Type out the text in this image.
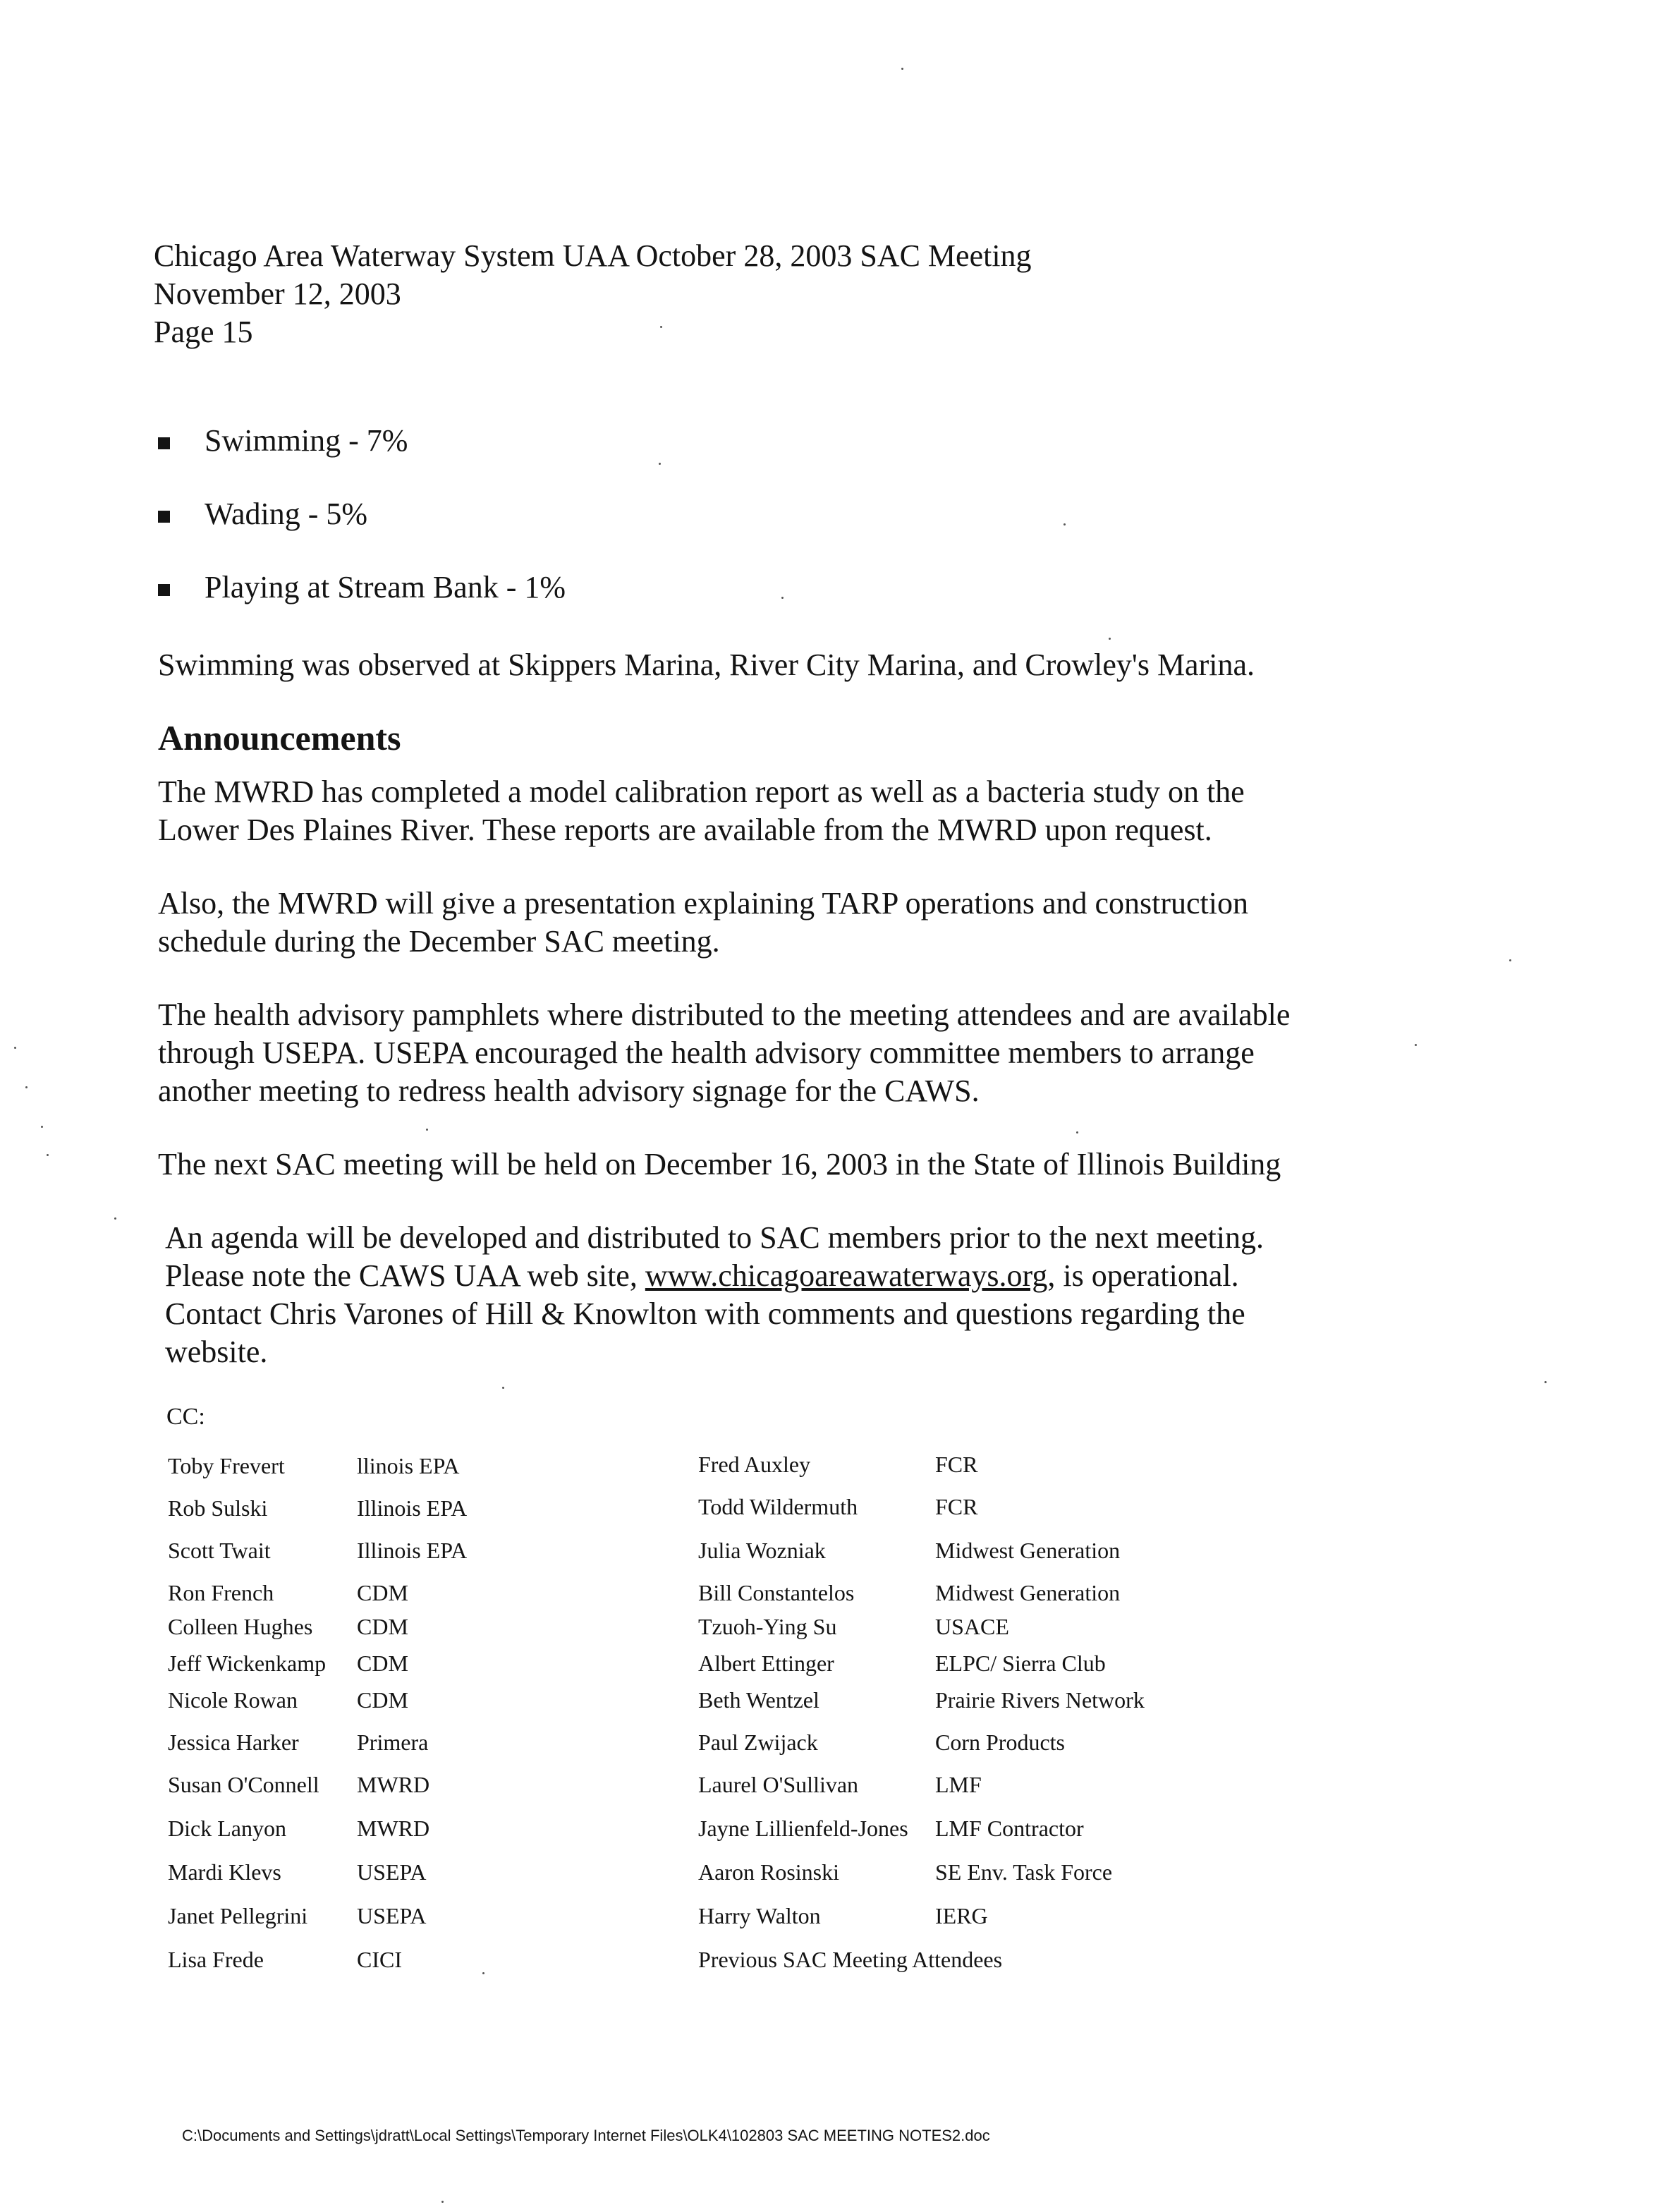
Chicago Area Waterway System UAA October 28, 2003 SAC Meeting
November 12, 2003
Page 15
Swimming - 7%
Wading - 5%
Playing at Stream Bank - 1%
Swimming was observed at Skippers Marina, River City Marina, and Crowley's Marina.
Announcements
The MWRD has completed a model calibration report as well as a bacteria study on the
Lower Des Plaines River. These reports are available from the MWRD upon request.
Also, the MWRD will give a presentation explaining TARP operations and construction
schedule during the December SAC meeting.
The health advisory pamphlets where distributed to the meeting attendees and are available
through USEPA. USEPA encouraged the health advisory committee members to arrange
another meeting to redress health advisory signage for the CAWS.
The next SAC meeting will be held on December 16, 2003 in the State of Illinois Building
An agenda will be developed and distributed to SAC members prior to the next meeting.
Please note the CAWS UAA web site, www.chicagoareawaterways.org, is operational.
Contact Chris Varones of Hill & Knowlton with comments and questions regarding the
website.
CC:
Toby Frevert	llinois EPA
Rob Sulski	Illinois EPA
Scott Twait	Illinois EPA
Ron French	CDM
Colleen Hughes CDM
Jeff Wickenkamp CDM
Nicole Rowan	CDM
Jessica Harker	Primera
Susan O'Connell MWRD
Dick Lanyon	MWRD
Mardi Klevs	USEPA
Janet Pellegrini USEPA
Lisa Frede	CICI
Fred Auxley	FCR
Todd Wildermuth	FCR
Julia Wozniak	Midwest Generation
Bill Constantelos	Midwest Generation
Tzuoh-Ying Su	USACE
Albert Ettinger	ELPC/ Sierra Club
Beth Wentzel	Prairie Rivers Network
Paul Zwijack	Corn Products
Laurel O'Sullivan	LMF
Jayne Lillienfeld-Jones LMF Contractor
Aaron Rosinski	SE Env. Task Force
Harry Walton	IERG
Previous SAC Meeting Attendees
C:\Documents and Settings\jdratt\Local Settings\Temporary Internet Files\OLK4\102803 SAC MEETING NOTES2.doc
